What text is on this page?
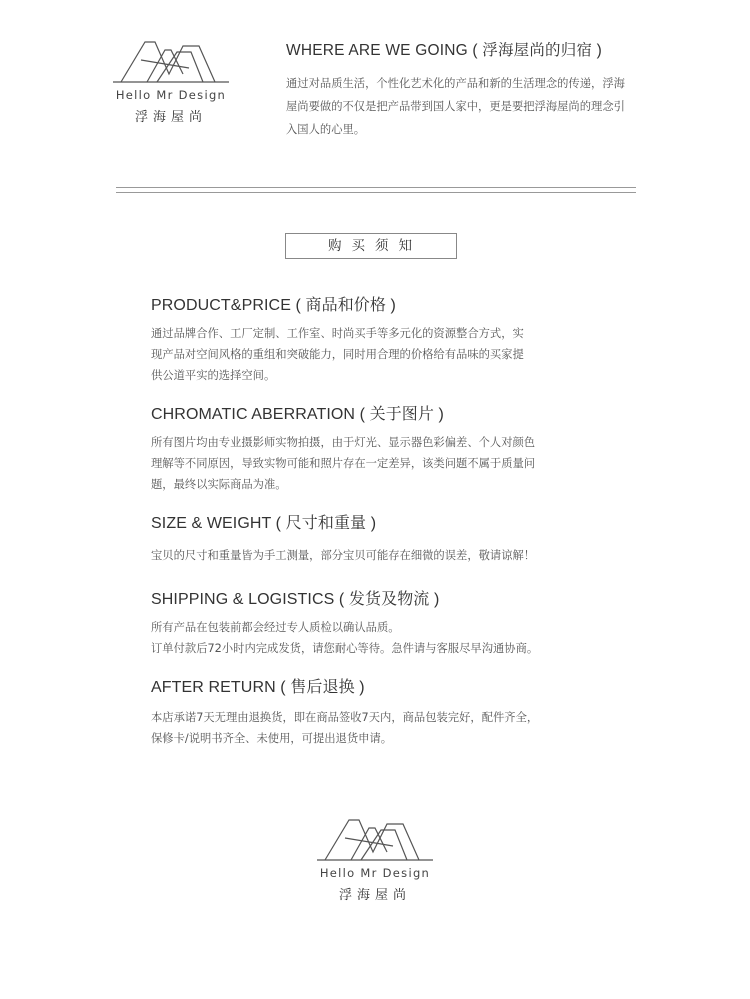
Hello Mr Design
浮海屋尚
WHERE ARE WE GOING ( 浮海屋尚的归宿 )
通过对品质生活，个性化艺术化的产品和新的生活理念的传递，浮海屋尚要做的不仅是把产品带到国人家中，更是要把浮海屋尚的理念引入国人的心里。
购买须知
PRODUCT&PRICE ( 商品和价格 )

通过品牌合作、工厂定制、工作室、时尚买手等多元化的资源整合方式，实

现产品对空间风格的重组和突破能力，同时用合理的价格给有品味的买家提

供公道平实的选择空间。

CHROMATIC ABERRATION ( 关于图片 )

所有图片均由专业摄影师实物拍摄，由于灯光、显示器色彩偏差、个人对颜色

理解等不同原因，导致实物可能和照片存在一定差异，该类问题不属于质量问

题，最终以实际商品为准。

SIZE & WEIGHT ( 尺寸和重量 )

宝贝的尺寸和重量皆为手工测量，部分宝贝可能存在细微的误差，敬请谅解！

SHIPPING & LOGISTICS ( 发货及物流 )

所有产品在包装前都会经过专人质检以确认品质。

订单付款后72小时内完成发货，请您耐心等待。急件请与客服尽早沟通协商。

AFTER RETURN ( 售后退换 )

本店承诺7天无理由退换货，即在商品签收7天内，商品包装完好，配件齐全，

保修卡/说明书齐全、未使用，可提出退货申请。

Hello Mr Design
浮海屋尚
